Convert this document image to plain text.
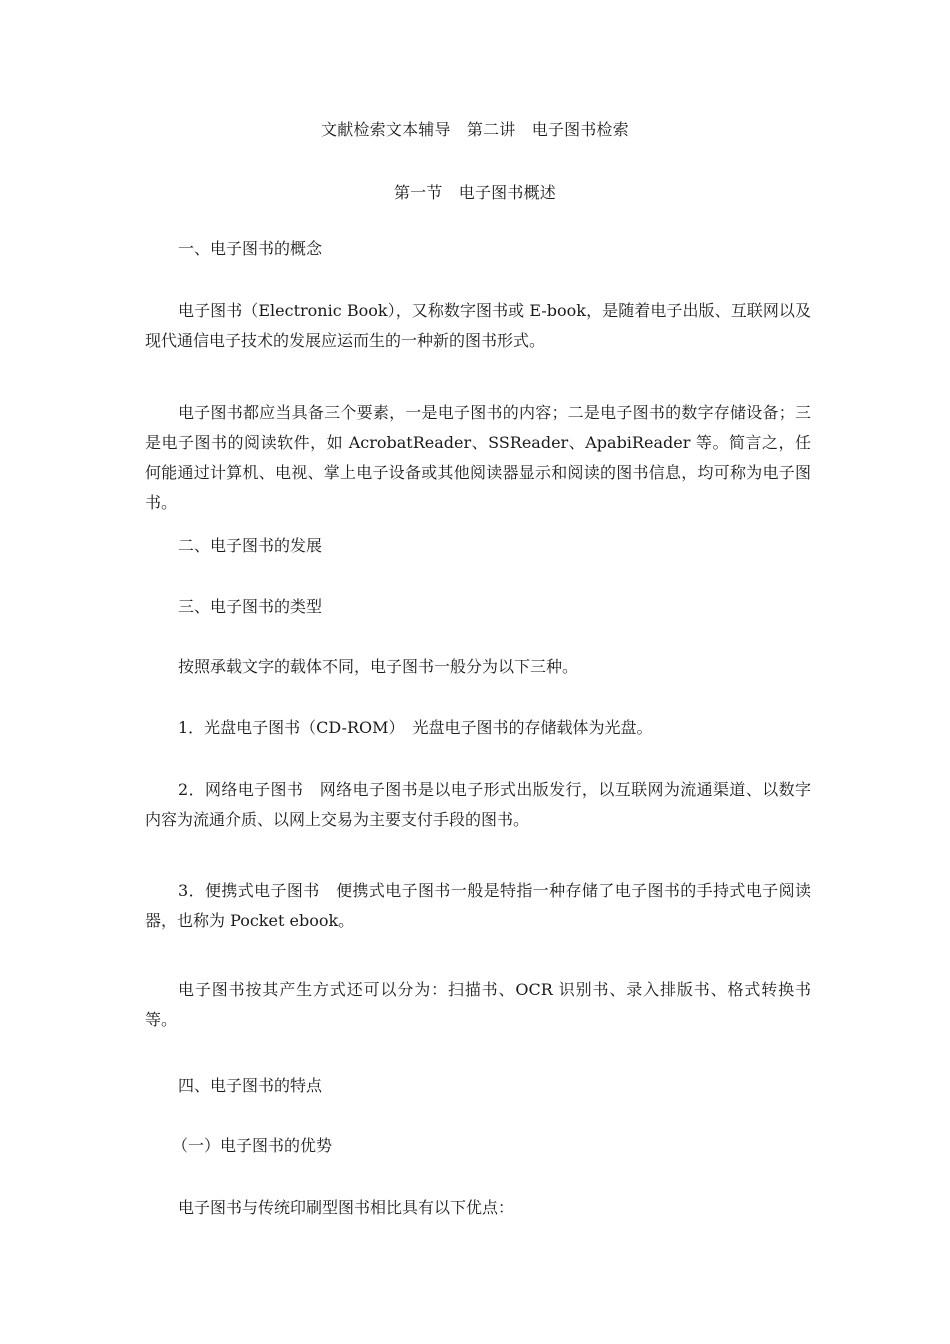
文献检索文本辅导　第二讲　电子图书检索
第一节　电子图书概述
一、电子图书的概念
电子图书（Electronic Book），又称数字图书或 E-book，是随着电子出版、互联网以及现代通信电子技术的发展应运而生的一种新的图书形式。
电子图书都应当具备三个要素，一是电子图书的内容；二是电子图书的数字存储设备；三是电子图书的阅读软件，如 AcrobatReader、SSReader、ApabiReader 等。简言之，任何能通过计算机、电视、掌上电子设备或其他阅读器显示和阅读的图书信息，均可称为电子图书。
二、电子图书的发展
三、电子图书的类型
按照承载文字的载体不同，电子图书一般分为以下三种。
1．光盘电子图书（CD-ROM）　光盘电子图书的存储载体为光盘。
2．网络电子图书　网络电子图书是以电子形式出版发行，以互联网为流通渠道、以数字内容为流通介质、以网上交易为主要支付手段的图书。
3．便携式电子图书　便携式电子图书一般是特指一种存储了电子图书的手持式电子阅读器，也称为 Pocket ebook。
电子图书按其产生方式还可以分为：扫描书、OCR 识别书、录入排版书、格式转换书等。
四、电子图书的特点
（一）电子图书的优势
电子图书与传统印刷型图书相比具有以下优点：
